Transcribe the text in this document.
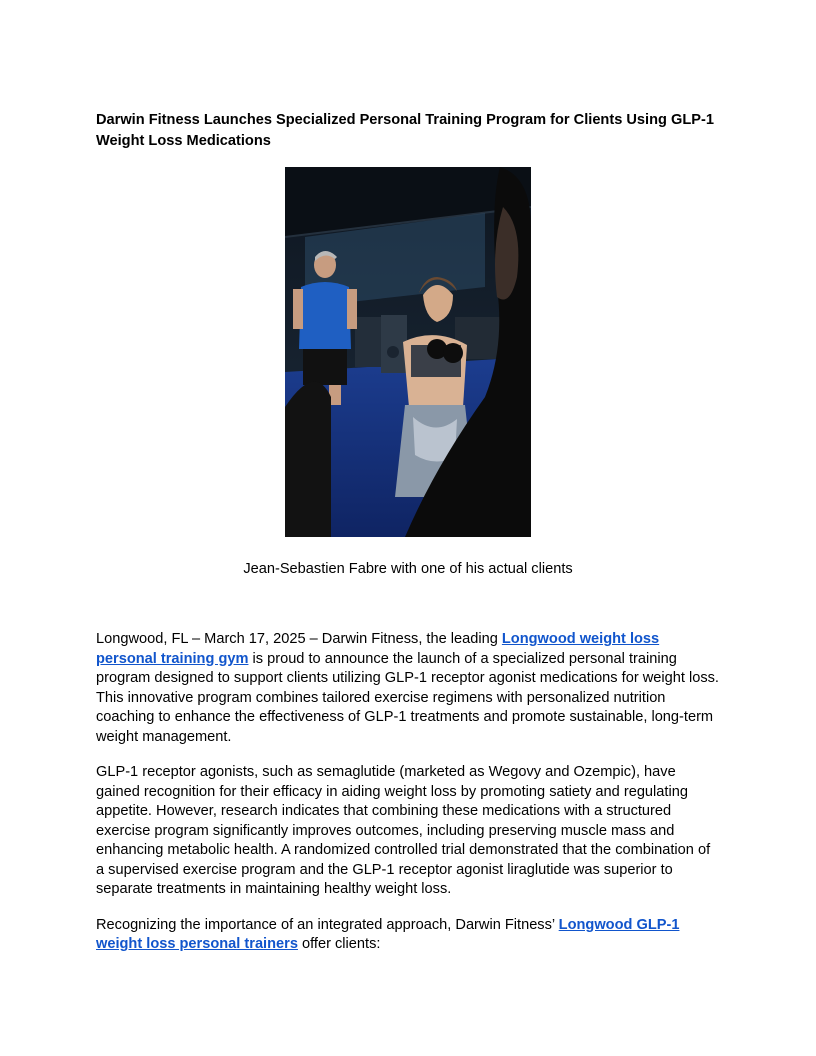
Darwin Fitness Launches Specialized Personal Training Program for Clients Using GLP-1 Weight Loss Medications

Jean-Sebastien Fabre with one of his actual clients

Longwood, FL – March 17, 2025 – Darwin Fitness, the leading Longwood weight loss personal training gym is proud to announce the launch of a specialized personal training program designed to support clients utilizing GLP-1 receptor agonist medications for weight loss. This innovative program combines tailored exercise regimens with personalized nutrition coaching to enhance the effectiveness of GLP-1 treatments and promote sustainable, long-term weight management.

GLP-1 receptor agonists, such as semaglutide (marketed as Wegovy and Ozempic), have gained recognition for their efficacy in aiding weight loss by promoting satiety and regulating appetite. However, research indicates that combining these medications with a structured exercise program significantly improves outcomes, including preserving muscle mass and enhancing metabolic health. A randomized controlled trial demonstrated that the combination of a supervised exercise program and the GLP-1 receptor agonist liraglutide was superior to separate treatments in maintaining healthy weight loss.

Recognizing the importance of an integrated approach, Darwin Fitness’ Longwood GLP-1 weight loss personal trainers offer clients:
